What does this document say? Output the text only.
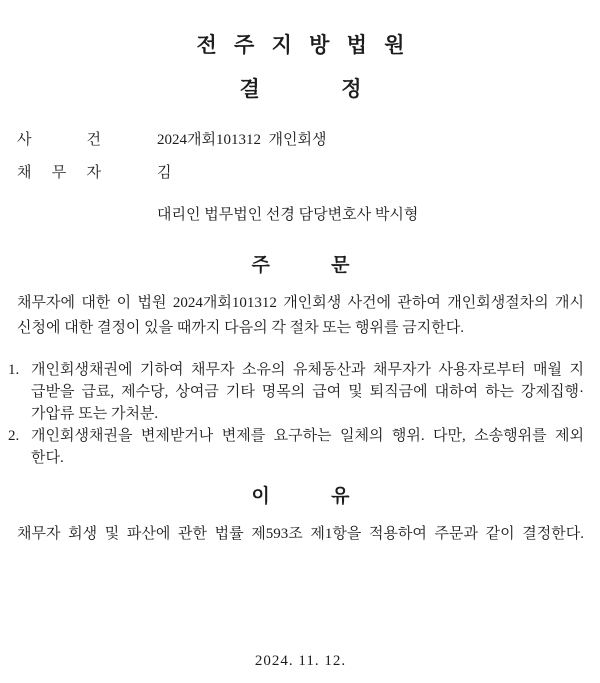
전 주 지 방 법 원
결 정
사 건	2024개회101312  개인회생
채 무 자	김
대리인 법무법인 선경 담당변호사 박시형
주 문
채무자에 대한 이 법원 2024개회101312 개인회생 사건에 관하여 개인회생절차의 개시
신청에 대한 결정이 있을 때까지 다음의 각 절차 또는 행위를 금지한다.
1. 개인회생채권에 기하여 채무자 소유의 유체동산과 채무자가 사용자로부터 매월 지
급받을 급료, 제수당, 상여금 기타 명목의 급여 및 퇴직금에 대하여 하는 강제집행·
가압류 또는 가처분.
2. 개인회생채권을 변제받거나 변제를 요구하는 일체의 행위. 다만, 소송행위를 제외
한다.
이 유
채무자 회생 및 파산에 관한 법률 제593조 제1항을 적용하여 주문과 같이 결정한다.
2024. 11. 12.
